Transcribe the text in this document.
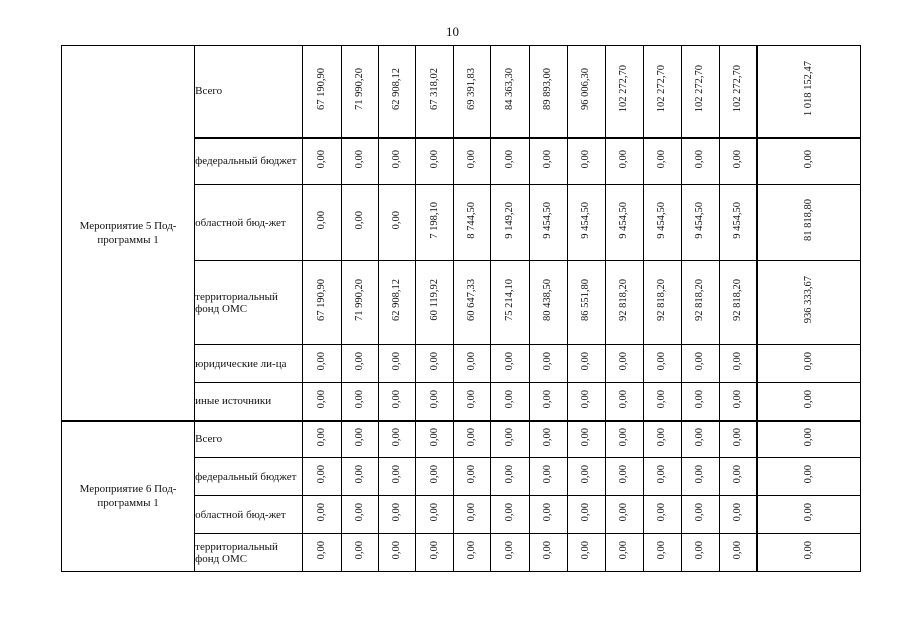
10
Мероприятие 5 Под-программы 1	Всего	67 190,90	71 990,20	62 908,12	67 318,02	69 391,83	84 363,30	89 893,00	96 006,30	102 272,70	102 272,70	102 272,70	102 272,70	1 018 152,47
	федеральный бюджет	0,00	0,00	0,00	0,00	0,00	0,00	0,00	0,00	0,00	0,00	0,00	0,00	0,00
	областной бюд-жет	0,00	0,00	0,00	7 198,10	8 744,50	9 149,20	9 454,50	9 454,50	9 454,50	9 454,50	9 454,50	9 454,50	81 818,80
	территориальный фонд ОМС	67 190,90	71 990,20	62 908,12	60 119,92	60 647,33	75 214,10	80 438,50	86 551,80	92 818,20	92 818,20	92 818,20	92 818,20	936 333,67
	юридические ли-ца	0,00	0,00	0,00	0,00	0,00	0,00	0,00	0,00	0,00	0,00	0,00	0,00	0,00
	иные источники	0,00	0,00	0,00	0,00	0,00	0,00	0,00	0,00	0,00	0,00	0,00	0,00	0,00
Мероприятие 6 Под-программы 1	Всего	0,00	0,00	0,00	0,00	0,00	0,00	0,00	0,00	0,00	0,00	0,00	0,00	0,00
	федеральный бюджет	0,00	0,00	0,00	0,00	0,00	0,00	0,00	0,00	0,00	0,00	0,00	0,00	0,00
	областной бюд-жет	0,00	0,00	0,00	0,00	0,00	0,00	0,00	0,00	0,00	0,00	0,00	0,00	0,00
	территориальный фонд ОМС	0,00	0,00	0,00	0,00	0,00	0,00	0,00	0,00	0,00	0,00	0,00	0,00	0,00
